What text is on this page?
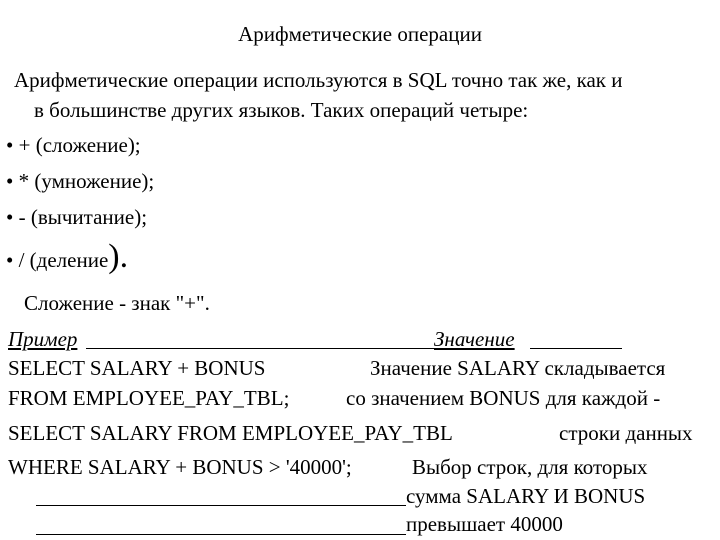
Арифметические операции
Арифметические операции используются в SQL точно так же, как и
в большинстве других языков. Таких операций четыре:
• + (сложение);
• * (умножение);
• - (вычитание);
• / (деление).
Сложение - знак "+".
Пример	Значение
SELECT SALARY + BONUS	Значение SALARY складывается
FROM EMPLOYEE_PAY_TBL;	со значением BONUS для каждой -
SELECT SALARY FROM EMPLOYEE_PAY_TBL	строки данных
WHERE SALARY + BONUS > '40000';	Выбор строк, для которых
сумма SALARY И BONUS
превышает 40000
